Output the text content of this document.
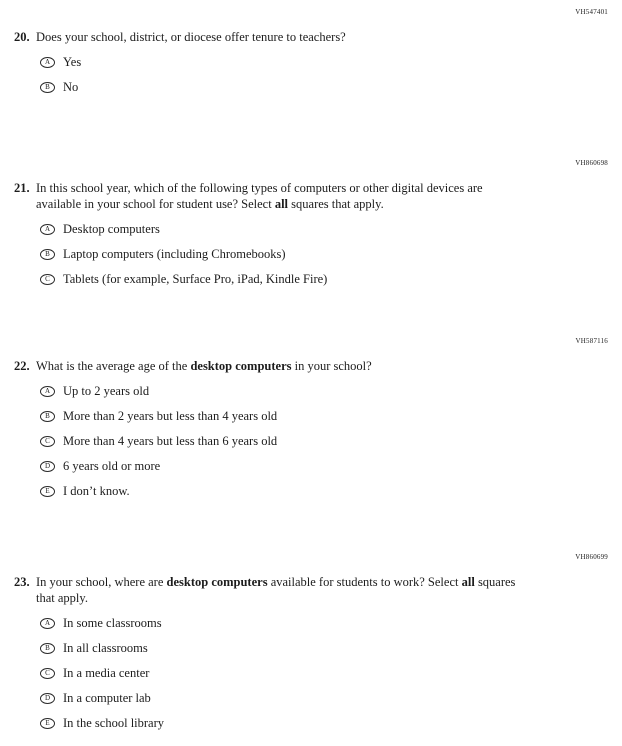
VH547401
20. Does your school, district, or diocese offer tenure to teachers?
A	Yes
B	No
VH860698
21. In this school year, which of the following types of computers or other digital devices are available in your school for student use? Select all squares that apply.
A	Desktop computers
B	Laptop computers (including Chromebooks)
C	Tablets (for example, Surface Pro, iPad, Kindle Fire)
VH587116
22. What is the average age of the desktop computers in your school?
A	Up to 2 years old
B	More than 2 years but less than 4 years old
C	More than 4 years but less than 6 years old
D	6 years old or more
E	I don’t know.
VH860699
23. In your school, where are desktop computers available for students to work? Select all squares that apply.
A	In some classrooms
B	In all classrooms
C	In a media center
D	In a computer lab
E	In the school library
